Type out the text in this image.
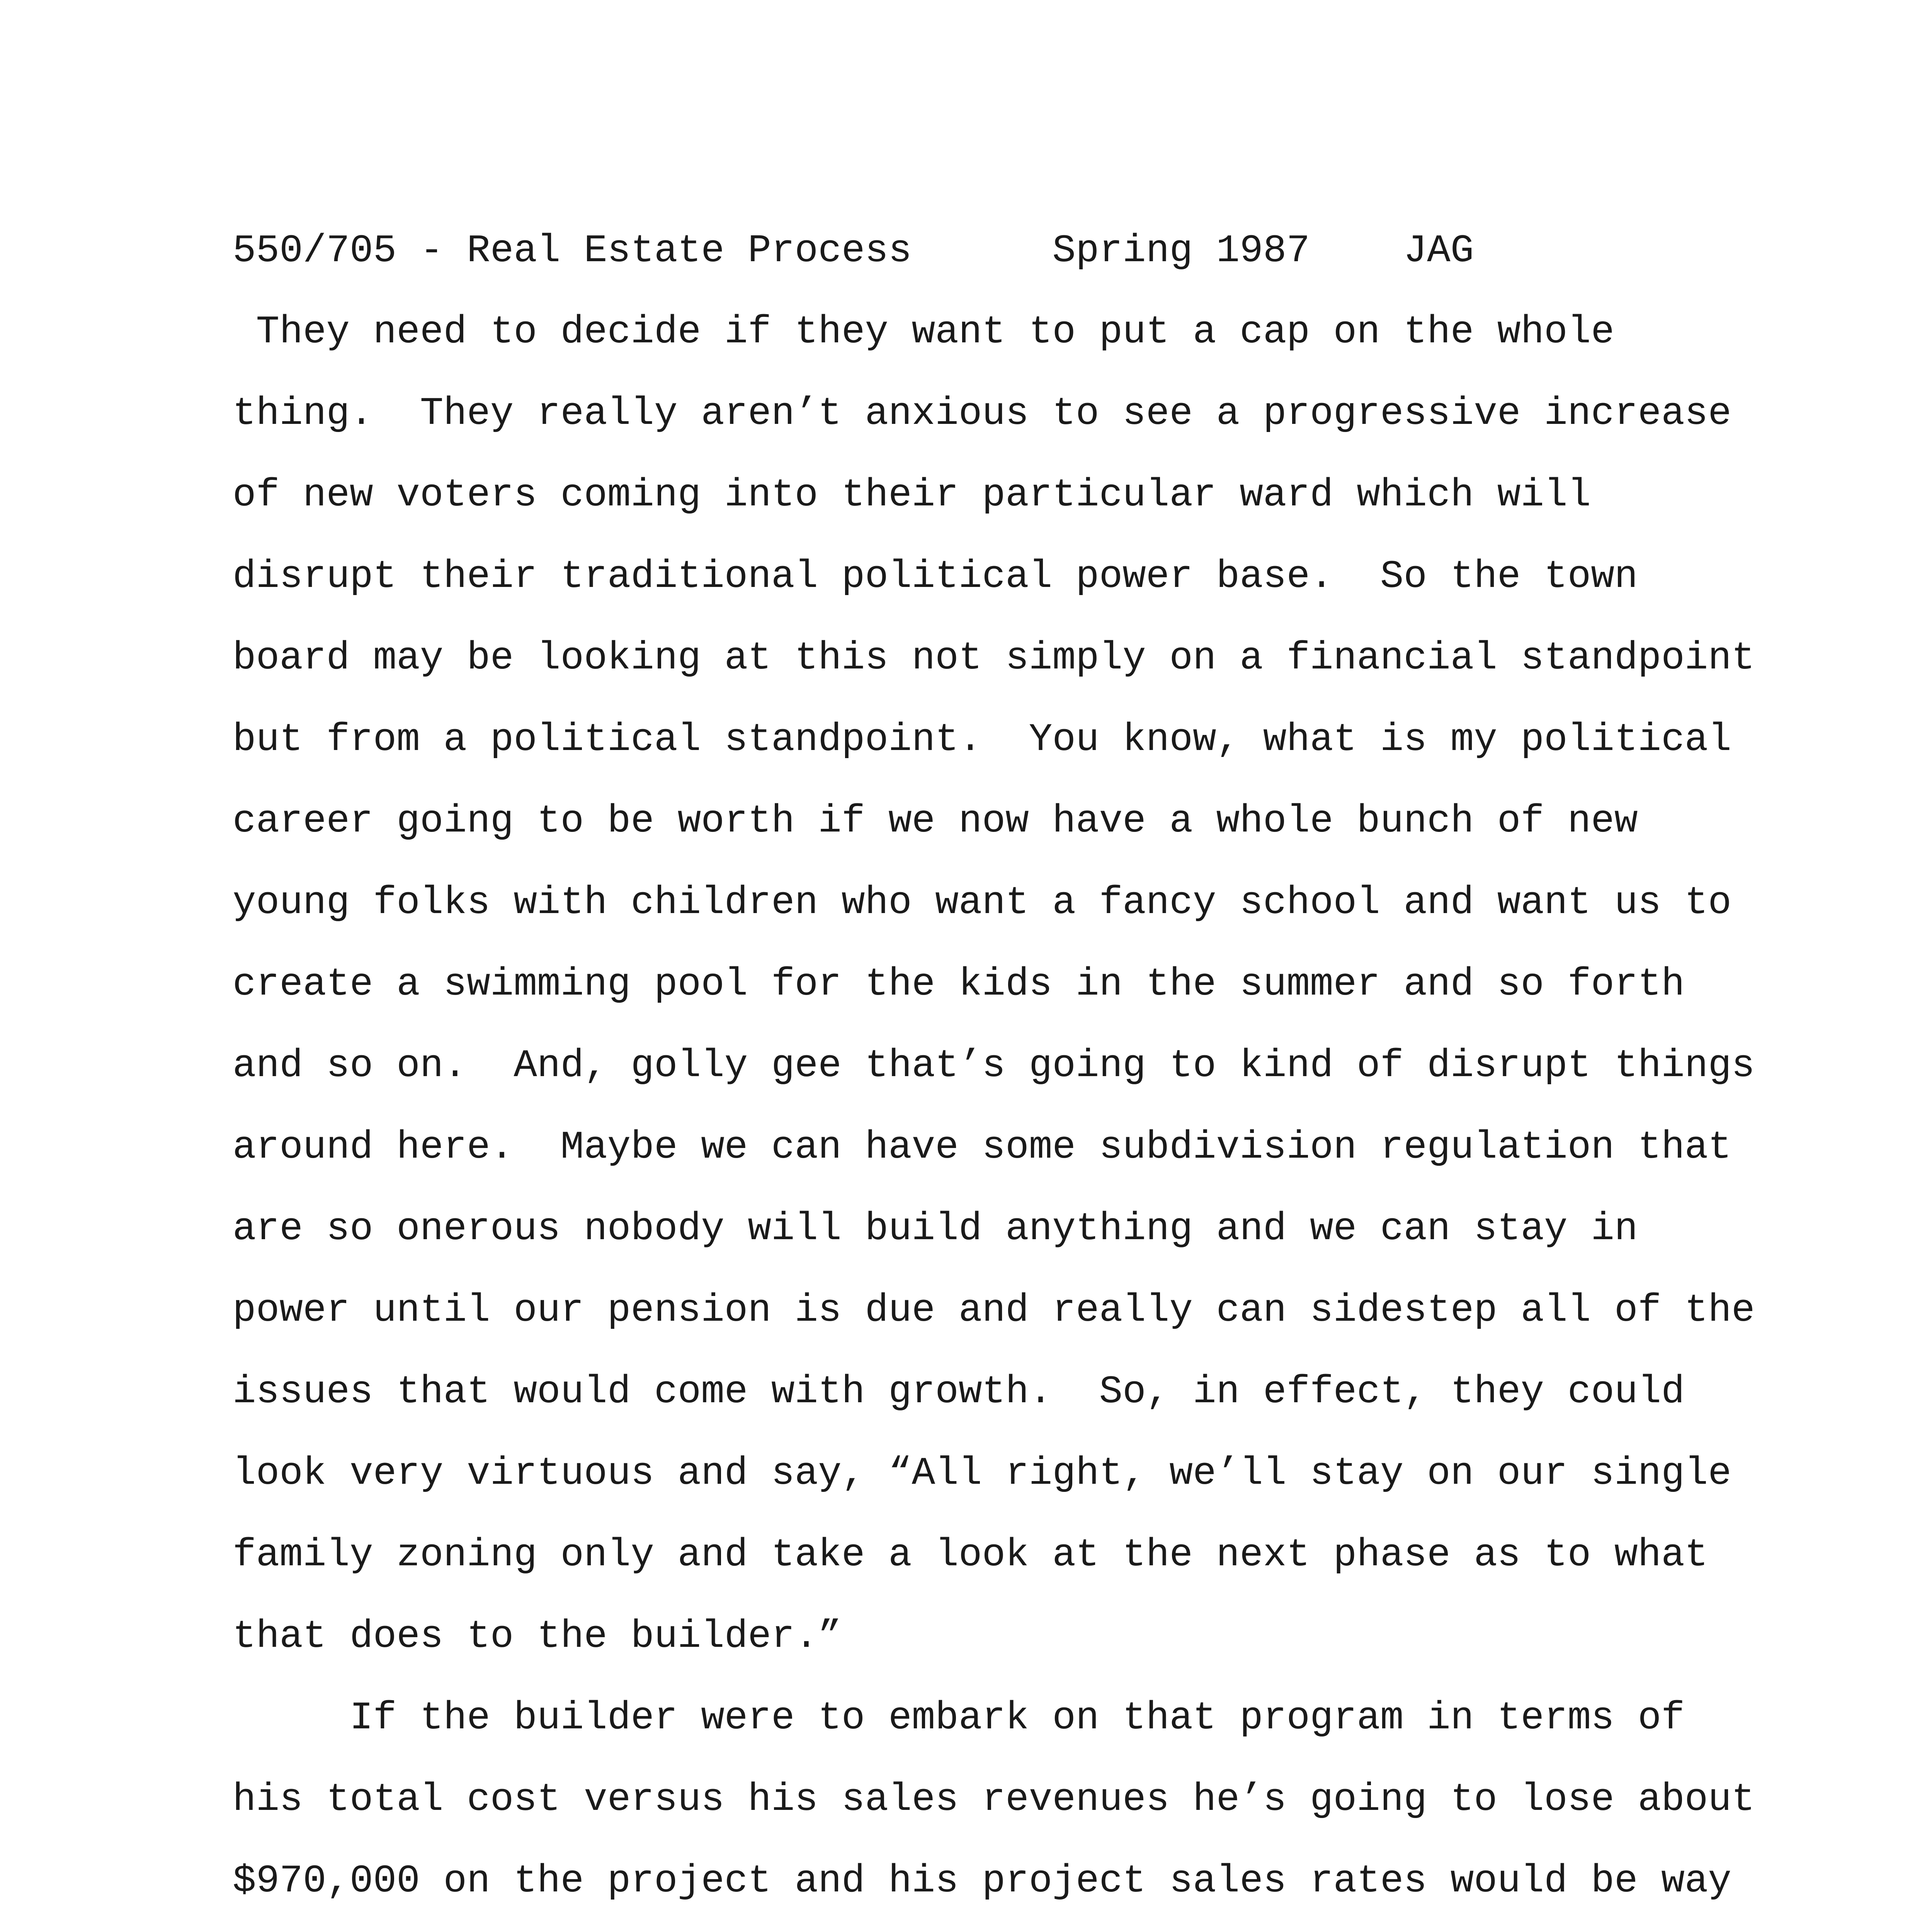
550/705 - Real Estate Process      Spring 1987    JAG
They need to decide if they want to put a cap on the whole
thing.  They really aren’t anxious to see a progressive increase
of new voters coming into their particular ward which will
disrupt their traditional political power base.  So the town
board may be looking at this not simply on a financial standpoint
but from a political standpoint.  You know, what is my political
career going to be worth if we now have a whole bunch of new
young folks with children who want a fancy school and want us to
create a swimming pool for the kids in the summer and so forth
and so on.  And, golly gee that’s going to kind of disrupt things
around here.  Maybe we can have some subdivision regulation that
are so onerous nobody will build anything and we can stay in
power until our pension is due and really can sidestep all of the
issues that would come with growth.  So, in effect, they could
look very virtuous and say, “All right, we’ll stay on our single
family zoning only and take a look at the next phase as to what
that does to the builder.”
If the builder were to embark on that program in terms of
his total cost versus his sales revenues he’s going to lose about
$970,000 on the project and his project sales rates would be way
